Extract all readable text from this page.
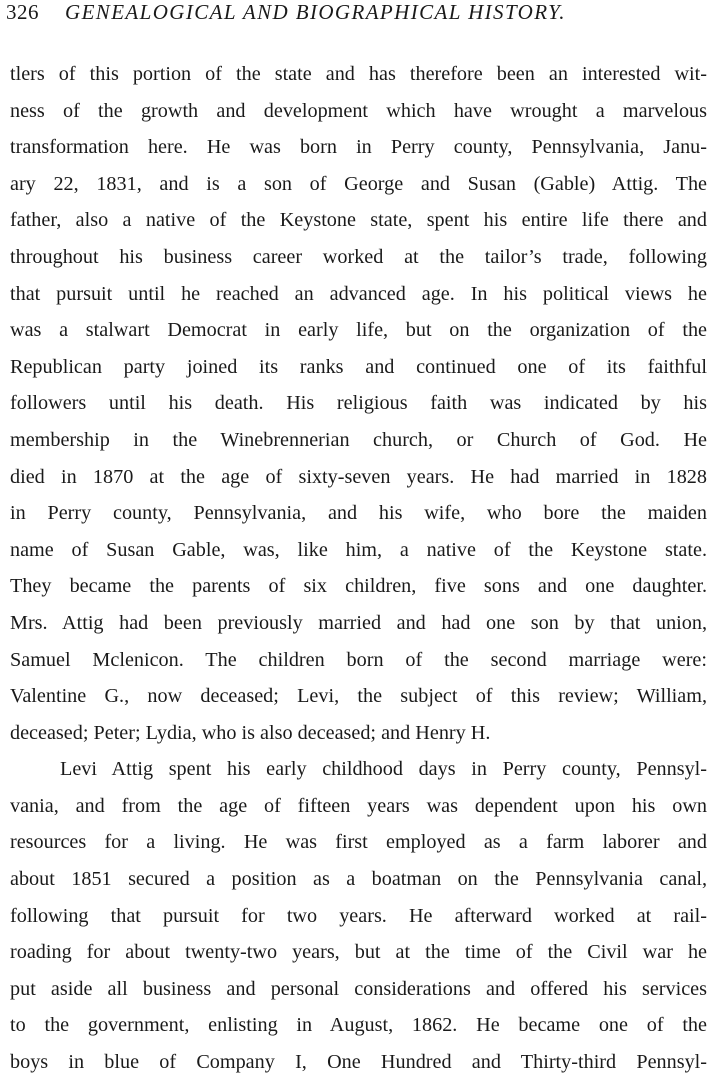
326 GENEALOGICAL AND BIOGRAPHICAL HISTORY.
tlers of this portion of the state and has therefore been an interested wit-
ness of the growth and development which have wrought a marvelous
transformation here. He was born in Perry county, Pennsylvania, Janu-
ary 22, 1831, and is a son of George and Susan (Gable) Attig. The
father, also a native of the Keystone state, spent his entire life there and
throughout his business career worked at the tailor’s trade, following
that pursuit until he reached an advanced age. In his political views he
was a stalwart Democrat in early life, but on the organization of the
Republican party joined its ranks and continued one of its faithful
followers until his death. His religious faith was indicated by his
membership in the Winebrennerian church, or Church of God. He
died in 1870 at the age of sixty-seven years. He had married in 1828
in Perry county, Pennsylvania, and his wife, who bore the maiden
name of Susan Gable, was, like him, a native of the Keystone state.
They became the parents of six children, five sons and one daughter.
Mrs. Attig had been previously married and had one son by that union,
Samuel Mclenicon. The children born of the second marriage were:
Valentine G., now deceased; Levi, the subject of this review; William,
deceased; Peter; Lydia, who is also deceased; and Henry H.
Levi Attig spent his early childhood days in Perry county, Pennsyl-
vania, and from the age of fifteen years was dependent upon his own
resources for a living. He was first employed as a farm laborer and
about 1851 secured a position as a boatman on the Pennsylvania canal,
following that pursuit for two years. He afterward worked at rail-
roading for about twenty-two years, but at the time of the Civil war he
put aside all business and personal considerations and offered his services
to the government, enlisting in August, 1862. He became one of the
boys in blue of Company I, One Hundred and Thirty-third Pennsyl-
